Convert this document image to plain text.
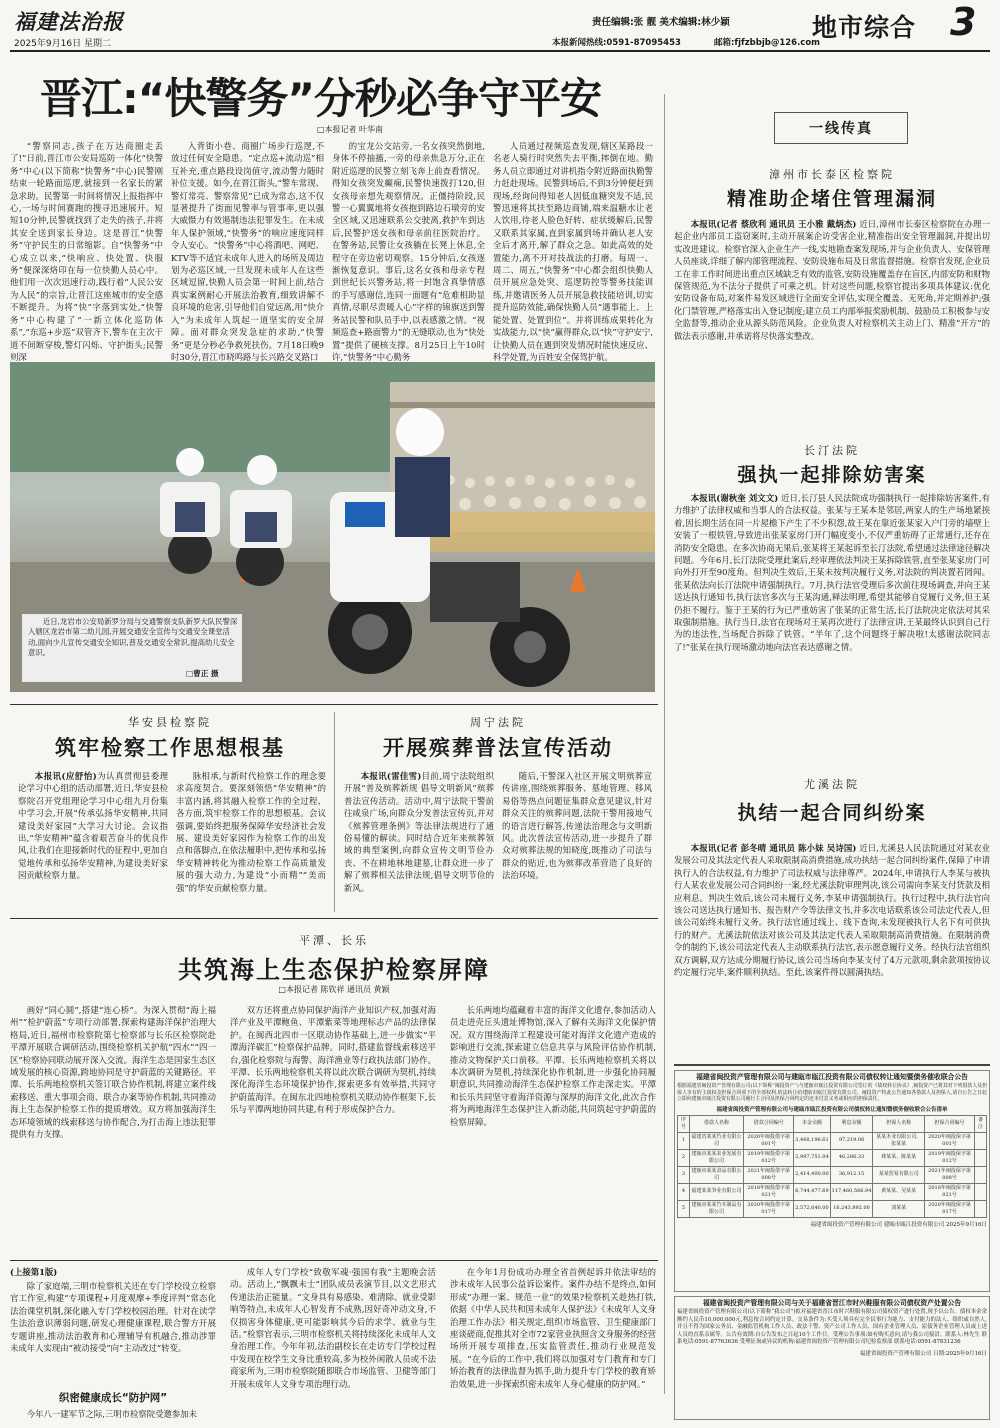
福建法治报
2025年9月16日 星期二
责任编辑:张 靓 美术编辑:林少颖
本报新闻热线:0591-87095453	邮箱:fjfzbbjb@126.com
地市综合 3
晋江:“快警务”分秒必争守平安
□本报记者 叶华南

“警察同志,孩子在万达商圈走丢了!”日前,晋江市公安局巡防一体化“快警务”中心(以下简称“快警务”中心)民警刚结束一轮路面巡逻,就接到一名家长的紧急求助。民警第一时间将情况上报指挥中心,一场与时间赛跑的搜寻迅速展开。短短10分钟,民警就找到了走失的孩子,并将其安全送到家长身边。这是晋江“快警务”守护民生的日常缩影。自“快警务”中心成立以来,“快响应、快处置、快服务”便深深烙印在每一位快勤人员心中。他们用一次次迅速行动,践行着“人民公安为人民”的宗旨,让晋江这座城市的安全感不断提升。为将“快”字落到实处,“快警务”中心构建了“一新立体化巡防体系”,“东巡+步巡”双管齐下,警车在主次干道不间断穿梭,警灯闪烁、守护街头;民警则深

入背街小巷、商圈广场步行巡逻,不放过任何安全隐患。“定点巡+流动巡”相互补充,重点路段设岗值守,流动警力随时补位支援。如今,在晋江街头,“警车常现、警灯常亮、警察常见”已成为常态,这不仅显著提升了街面见警率与管事率,更以强大威慑力有效遏制违法犯罪发生。在未成年人保护领域,“快警务”的响应速度同样令人安心。“快警务”中心将酒吧、网吧、KTV等不适宜未成年人进入的场所及周边划为必巡区域,一旦发现未成年人在这些区域逗留,快勤人员会第一时间上前,结合真实案例耐心开展法治教育,细致讲解不良环境的危害,引导他们自觉远离,用“快介入”为未成年人筑起一道坚实的安全屏障。面对群众突发急症的求助,“快警务”更是分秒必争救死扶伤。7月18日晚9时30分,晋江市晓鸣路与长兴路交叉路口

的宝龙公交站旁,一名女孩突然倒地,身体不停抽搐,一旁的母亲焦急万分,正在附近巡逻的民警立刻飞奔上前查看情况。得知女孩突发癫痫,民警快速拨打120,但女孩母亲想先观察情况。正僵持阶段,民警一心翼翼地将女孩抱到路边石墩旁的安全区域,又迅速联系公交驶离,救护车到达后,民警护送女孩和母亲前往医院治疗。在警务站,民警让女孩躺在长凳上休息,全程守在旁边密切观察。15分钟后,女孩逐渐恢复意识。事后,这名女孩和母亲专程到世纪长兴警务站,将一封饱含真挚情感的手写感谢信,连同一面题有“危难相助显真情,尽职尽责暖人心”字样的锦旗送到警务站民警和队员手中,以表感激之情。“视频巡查+路面警力”的无缝联动,也为“快处置”提供了硬核支撑。8月25日上午10时许,“快警务”中心勤务

人员通过视频巡查发现,辖区某路段一名老人骑行时突然失去平衡,摔倒在地。勤务人员立即通过对讲机指令附近路面执勤警力赶赴现场。民警到场后,不到3分钟便赶到现场,经询问得知老人因低血糖突发不适,民警迅速将其扶至路边商铺,端来温糖水让老人饮用,待老人脸色好转、症状缓解后,民警又联系其家属,直到家属到场并确认老人安全后才离开,解了群众之急。如此高效的处置能力,离不开对技战法的打磨。每周一、周二、周五,“快警务”中心都会组织快勤人员开展应急处突、巡逻防控等警务技能训练,并邀请医务人员开展急救技能培训,切实提升巡防效能,确保快勤人员“遇事能上、上能处置、处置到位”。并将训练成果转化为实战能力,以“快”赢得群众,以“快”守护安宁,让快勤人员在遇到突发情况时能快速反应、科学处置,为百姓安全保驾护航。

近日,龙岩市公安局新罗分局与交通警察支队新罗大队民警深入辖区龙岩市第二幼儿园,开展交通安全宣传与交通安全课堂活动,面向少儿宣传交通安全知识,普及交通安全常识,提高幼儿安全意识。
□曹正 摄
一线传真
漳州市长泰区检察院
精准助企堵住管理漏洞
本报讯(记者 蔡欣利 通讯员 王小雅 戴炳杰) 近日,漳州市长泰区检察院在办理一起企业内部员工盗窃案时,主动开展案企访受害企业,精准指出安全管理漏洞,并提出切实改进建议。检察官深入企业生产一线,实地勘查案发现场,并与企业负责人、安保管理人员座谈,详细了解内部管理流程、安防设施布局及日常监督措施。检察官发现,企业员工在非工作时间进出重点区域缺乏有效的监管,安防设施覆盖存在盲区,内部安防和财物保管规范,为不法分子提供了可乘之机。针对这些问题,检察官提出多项具体建议:优化安防设备布局,对案件易发区域进行全面安全评估,实现全覆盖、无死角,并定期养护;强化门禁管理,严格落实出入登记制度;建立员工内部举报奖励机制、鼓励员工积极参与安全监督等,推动企业从源头防范风险。企业负责人对检察机关主动上门、精准“开方”的做法表示感谢,并承诺将尽快落实整改。
长汀法院
强执一起排除妨害案
本报讯(谢秋奎 刘文文) 近日,长汀县人民法院成功强制执行一起排除妨害案件,有力维护了法律权威和当事人的合法权益。张某与王某本是邻居,两家人的生产场地紧挨着,因长期生活在同一片屋檐下产生了不少积怨,故王某在靠近张某家入户门旁的墙壁上安装了一根铁管,导致进出张某家房门开门幅度变小,不仅严重妨碍了正常通行,还存在消防安全隐患。在多次协商无果后,张某将王某起诉至长汀法院,希望通过法律途径解决问题。今年6月,长汀法院受理此案后,经审理依法判决王某拆除铁管,直至张某家房门可向外打开至90度角。但判决生效后,王某未按判决履行义务,对法院的判决置若罔闻。张某依法向长汀法院申请强制执行。7月,执行法官受理后多次前往现场调查,并向王某送达执行通知书,执行法官多次与王某沟通,释法明理,希望其能够自觉履行义务,但王某仍拒不履行。鉴于王某的行为已严重妨害了张某的正常生活,长汀法院决定依法对其采取强制措施。执行当日,法官在现场对王某再次进行了法律宣讲,王某最终认识到自己行为的违法性,当场配合拆除了铁管。“半年了,这个问题终于解决啦!太感谢法院同志了!”张某在执行现场激动地向法官表达感谢之情。
尤溪法院
执结一起合同纠纷案
本报讯(记者 彭冬晴 通讯员 陈小妹 吴诗国) 近日,尤溪县人民法院通过对某农业发展公司及其法定代表人采取限制高消费措施,成功执结一起合同纠纷案件,保障了申请执行人的合法权益,有力维护了司法权威与法律尊严。2024年,申请执行人李某与被执行人某农业发展公司合同纠纷一案,经尤溪法院审理判决,该公司需向李某支付货款及相应利息。判决生效后,该公司未履行义务,李某申请强制执行。执行过程中,执行法官向该公司送达执行通知书、报告财产令等法律文书,并多次电话联系该公司法定代表人,但该公司始终未履行义务。执行法官通过线上、线下查询,未发现被执行人名下有可供执行的财产。尤溪法院依法对该公司及其法定代表人采取限制高消费措施。在限制消费令的制约下,该公司法定代表人主动联系执行法官,表示愿意履行义务。经执行法官组织双方调解,双方达成分期履行协议,该公司当场向李某支付了4万元款项,剩余款项按协议约定履行完毕,案件顺利执结。至此,该案件得以圆满执结。
福建省闽投资产管理有限公司与建瓯市瓯江投资有限公司债权转让通知暨债务催收联合公告
根据福建省闽投资产管理有限公司(以下简称“闽投资产”)与建瓯市瓯江投资有限公司签订的《债权转让协议》,闽投资产已将其对下列借款人及担保人享有的主债权及担保合同项下的全部权利,依法转让给建瓯市瓯江投资有限公司。闽投资产特此公告通知各借款人及担保人,请自公告之日起立即向建瓯市瓯江投资有限公司履行主合同及担保合同约定的还本付息义务或相应的担保责任。
福建省闽投资产管理有限公司与建瓯市瓯江投资有限公司债权转让通知暨债务催收联合公告清单
序号	借款人名称	借款合同编号	本金余额	利息余额	担保人名称	担保合同编号	备注
1	福建省某某竹业有限公司	2020年闽投借字第001号	3,468,196.61	97,219.06	某某木业有限公司、张某某	2020年闽投保字第001号	
2	建瓯市某某农业发展有限公司	2019年闽投借字第012号	2,997,751.04	46,286.33	林某某、陈某某	2019年闽投保字第012号	
3	建瓯市某某食品有限公司	2021年闽投借字第008号	2,414,400.00	36,912.15	某某贸易有限公司	2021年闽投保字第008号	
4	福建某某笋业有限公司	2018年闽投借字第021号	6,744,477.69	117,460,566.94	黄某某、吴某某	2018年闽投保字第021号	
5	建瓯市某某竹木制品有限公司	2020年闽投借字第017号	2,572,640.00	16,243,892.00	刘某某	2020年闽投保字第017号	
福建省闽投资产管理有限公司 建瓯市瓯江投资有限公司 2025年9月16日
福建省闽投资产管理有限公司与关于福建省晋江市时兴鞋服有限公司债权资产处置公告
福建省闽投资产管理有限公司(以下简称“我公司”)拟对福建省晋江市时兴鞋服有限公司债权资产进行处置,现予以公告。债权本金余额约人民币10,000,000元,利息按合同约定计算。交易条件为:买受人须具有完全民事行为能力、支付能力的法人、组织或自然人,并且不得为国家公务员、金融监管机构工作人员、政法干警、资产公司工作人员、国有企业管理人员、原债务企业管理人员或上述人员的直系亲属等。公告有效期:自公告发布之日起10个工作日。受理公告事项:如有购买意向,请与我公司接洽。联系人:林先生 联系电话:0591-87763636 受理征询或异议的机构:福建省闽投资产管理有限公司纪检监察部 联系电话:0591-87831236
福建省闽投资产管理有限公司 日期:2025年9月16日
华安县检察院
筑牢检察工作思想根基
本报讯(应舒怡)为认真贯彻县委理论学习中心组的活动部署,近日,华安县检察院召开党组理论学习中心组九月份集中学习会,开展“传承弘扬华安精神,共同建设美好家园”大学习大讨论。会议指出,“华安精神”蕴含着艰苦奋斗的优良作风,让我们在迎接新时代的征程中,更加自觉地传承和弘扬华安精神,为建设美好家园贡献检察力量。

脉相承,与新时代检察工作的理念要求高度契合。要深刻领悟“华安精神”的丰富内涵,将其融入检察工作的全过程、各方面,筑牢检察工作的思想根基。会议强调,要始终把服务保障华安经济社会发展、建设美好家园作为检察工作的出发点和落脚点,在依法履职中,把传承和弘扬华安精神转化为推动检察工作高质量发展的强大动力,为建设“小而精”“美而强”的华安贡献检察力量。

周宁法院
开展殡葬普法宣传活动
本报讯(雷佳雪)目前,周宁法院组织开展“普及殡葬新规 倡导文明新风”殡葬普法宣传活动。活动中,周宁法院干警前往咸泉广场,向群众分发普法宣传页,并对《殡葬管理条例》等法律法规进行了通俗易懂的解读。同时结合近年来殡葬领域的典型案例,向群众宣传文明节俭办丧、不在耕地林地建墓,让群众进一步了解了殡葬相关法律法规,倡导文明节俭的新风。

随后,干警深入社区开展文明殡葬宣传讲座,围绕殡葬服务、墓地管理、移风易俗等热点问题征集群众意见建议,针对群众关注的殡葬问题,法院干警用接地气的语言进行解答,传递法治理念与文明新风。此次普法宣传活动,进一步提升了群众对殡葬法规的知晓度,既推动了司法与群众的贴近,也为殡葬改革营造了良好的法治环境。

平潭、长乐
共筑海上生态保护检察屏障
□本报记者 陈钦祥 通讯员 黄颖

画好“同心圆”,搭建“连心桥”。为深入贯彻“海上福州”“检护蔚蓝”专项行动部署,探索构建海洋保护治理大格局,近日,福州市检察院第七检察部与长乐区检察院赴平潭开展联合调研活动,围绕检察机关护航“四水”“四一区”检察协同联动展开深入交流。海洋生态是国家生态区域发展的核心资源,跨地协同是守护蔚蓝的关键路径。平潭、长乐两地检察机关签订联合协作机制,将建立案件线索移送、重大事项会商、联合办案等协作机制,共同推动海上生态保护检察工作的提质增效。双方将加强海洋生态环境领域的线索移送与协作配合,为打击海上违法犯罪提供有力支撑。

双方还将重点协同保护海洋产业知识产权,加强对海洋产业及平潭鲍鱼、平潭紫菜等地理标志产品的法律保护。在闽西北四市一区联动协作基础上,进一步做实“平潭海洋碳汇”检察保护品牌。同时,搭建监督线索移送平台,强化检察院与海警、海洋渔业等行政执法部门协作。平潭、长乐两地检察机关将以此次联合调研为契机,持续深化海洋生态环境保护协作,探索更多有效举措,共同守护蔚蓝海洋。在闽东北四地检察机关联动协作框架下,长乐与平潭两地协同共建,有利于形成保护合力。

长乐两地均蕴藏着丰富的海洋文化遗存,参加活动人员走进壳丘头遗址博物馆,深入了解有关海洋文化保护情况。双方围绕海洋工程建设可能对海洋文化遗产造成的影响进行交流,探索建立信息共享与风险评估协作机制,推动文物保护关口前移。平潭、长乐两地检察机关将以本次调研为契机,持续深化协作机制,进一步强化协同履职意识,共同推动海洋生态保护检察工作走深走实。平潭和长乐共同坚守着海洋资源与深厚的海洋文化,此次合作将为两地海洋生态保护注入新动能,共同筑起守护蔚蓝的检察屏障。

(上接第1版)

除了家庭端,三明市检察机关还在专门学校设立检察官工作室,构建“专项课程+月度观摩+季度评判”常态化法治课堂机制,深化融入专门学校校园治理。针对在读学生法治意识薄弱问题,研发心理健康课程,联合警方开展专题讲座,推动法治教育和心理辅导有机融合,推动涉罪未成年人实现由“被动接受”向“主动改过”转变。

织密健康成长“防护网”

今年八一建军节之际,三明市检察院受邀参加未

成年人专门学校“致敬军魂·强国有我”主题晚会活动。活动上,“飘飘未士”团队成员表演节目,以文艺形式传递法治正能量。“文身具有易感染、难清除、就业受影响等特点,未成年人心智发育不成熟,因好奇冲动文身,不仅损害身体健康,更可能影响其今后的求学、就业与生活。”检察官表示,三明市检察机关将持续深化未成年人文身治理工作。今年年初,法治副校长在走访专门学校过程中发现在校学生文身比重较高,多为校外闲散人员或不法商家所为,三明市检察院随即联合市场监管、卫健等部门开展未成年人文身专项治理行动。

在今年1月份成功办理全省首例起诉并依法审结的涉未成年人民事公益诉讼案件。案件办结不是终点,如何形成“办理一案、规范一业”的效果?检察机关趁热打铁,依据《中华人民共和国未成年人保护法》《未成年人文身治理工作办法》相关规定,组织市场监管、卫生健康部门座谈磋商,促推其对全市72家营业执照含文身服务的经营场所开展专项排查,压实监管责任,推动行业规范发展。“在今后的工作中,我们将以加强对专门教育和专门矫治教育的法律监督为抓手,助力提升专门学校的教育矫治效果,进一步探索织密未成年人身心健康的防护网。”
